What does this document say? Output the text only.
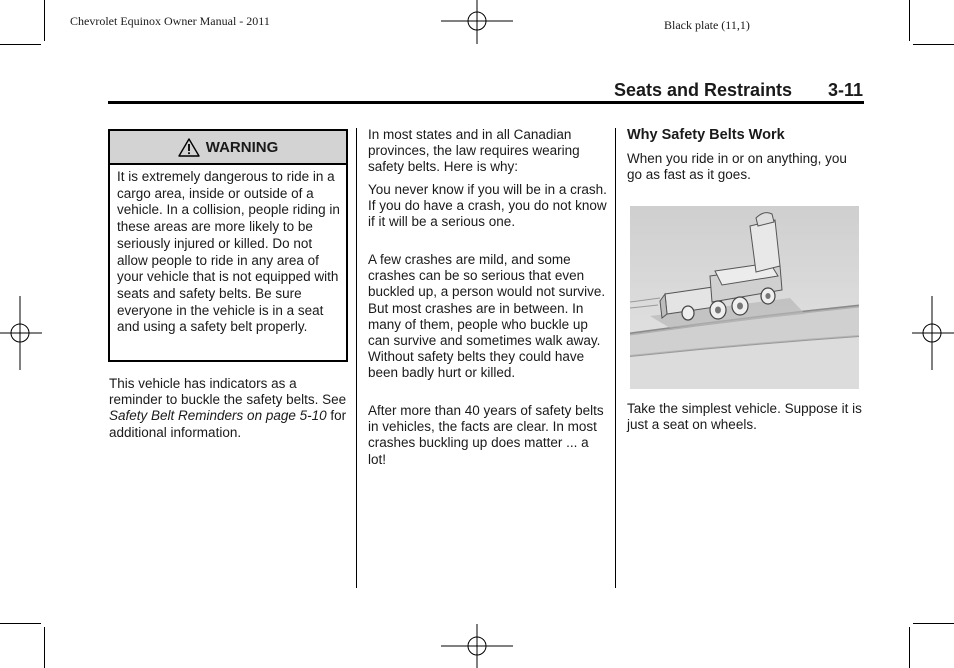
Chevrolet Equinox Owner Manual - 2011	Black plate (11,1)
Seats and Restraints 3-11
WARNING
It is extremely dangerous to ride in a cargo area, inside or outside of a vehicle. In a collision, people riding in these areas are more likely to be seriously injured or killed. Do not allow people to ride in any area of your vehicle that is not equipped with seats and safety belts. Be sure everyone in the vehicle is in a seat and using a safety belt properly.
This vehicle has indicators as a reminder to buckle the safety belts. See Safety Belt Reminders on page 5-10 for additional information.
In most states and in all Canadian provinces, the law requires wearing safety belts. Here is why:
You never know if you will be in a crash. If you do have a crash, you do not know if it will be a serious one.
A few crashes are mild, and some crashes can be so serious that even buckled up, a person would not survive. But most crashes are in between. In many of them, people who buckle up can survive and sometimes walk away. Without safety belts they could have been badly hurt or killed.
After more than 40 years of safety belts in vehicles, the facts are clear. In most crashes buckling up does matter ... a lot!
Why Safety Belts Work
When you ride in or on anything, you go as fast as it goes.
Take the simplest vehicle. Suppose it is just a seat on wheels.
